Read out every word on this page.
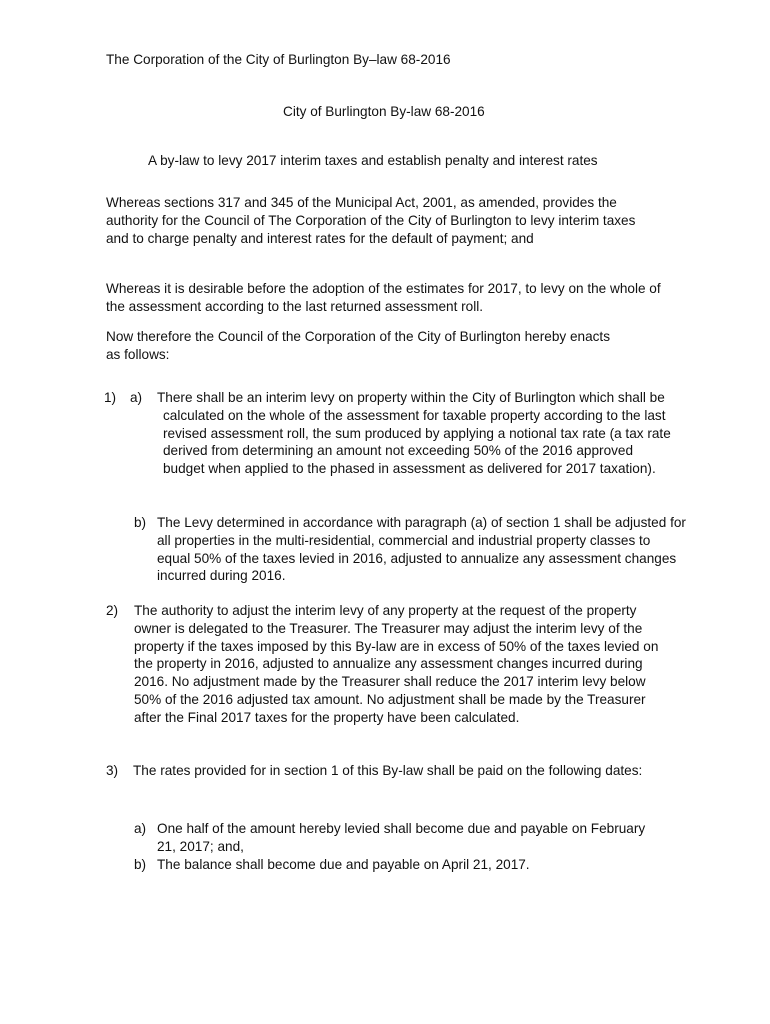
The Corporation of the City of Burlington By–law 68-2016
City of Burlington By-law 68-2016
A by-law to levy 2017 interim taxes and establish penalty and interest rates
Whereas sections 317 and 345 of the Municipal Act, 2001, as amended, provides the authority for the Council of The Corporation of the City of Burlington to levy interim taxes and to charge penalty and interest rates for the default of payment; and
Whereas it is desirable before the adoption of the estimates for 2017, to levy on the whole of the assessment according to the last returned assessment roll.
Now therefore the Council of the Corporation of the City of Burlington hereby enacts as follows:
1) a) There shall be an interim levy on property within the City of Burlington which shall be calculated on the whole of the assessment for taxable property according to the last revised assessment roll, the sum produced by applying a notional tax rate (a tax rate derived from determining an amount not exceeding 50% of the 2016 approved budget when applied to the phased in assessment as delivered for 2017 taxation).
b) The Levy determined in accordance with paragraph (a) of section 1 shall be adjusted for all properties in the multi-residential, commercial and industrial property classes to equal 50% of the taxes levied in 2016, adjusted to annualize any assessment changes incurred during 2016.
2) The authority to adjust the interim levy of any property at the request of the property owner is delegated to the Treasurer. The Treasurer may adjust the interim levy of the property if the taxes imposed by this By-law are in excess of 50% of the taxes levied on the property in 2016, adjusted to annualize any assessment changes incurred during 2016. No adjustment made by the Treasurer shall reduce the 2017 interim levy below 50% of the 2016 adjusted tax amount. No adjustment shall be made by the Treasurer after the Final 2017 taxes for the property have been calculated.
3) The rates provided for in section 1 of this By-law shall be paid on the following dates:
a) One half of the amount hereby levied shall become due and payable on February 21, 2017; and,
b) The balance shall become due and payable on April 21, 2017.
